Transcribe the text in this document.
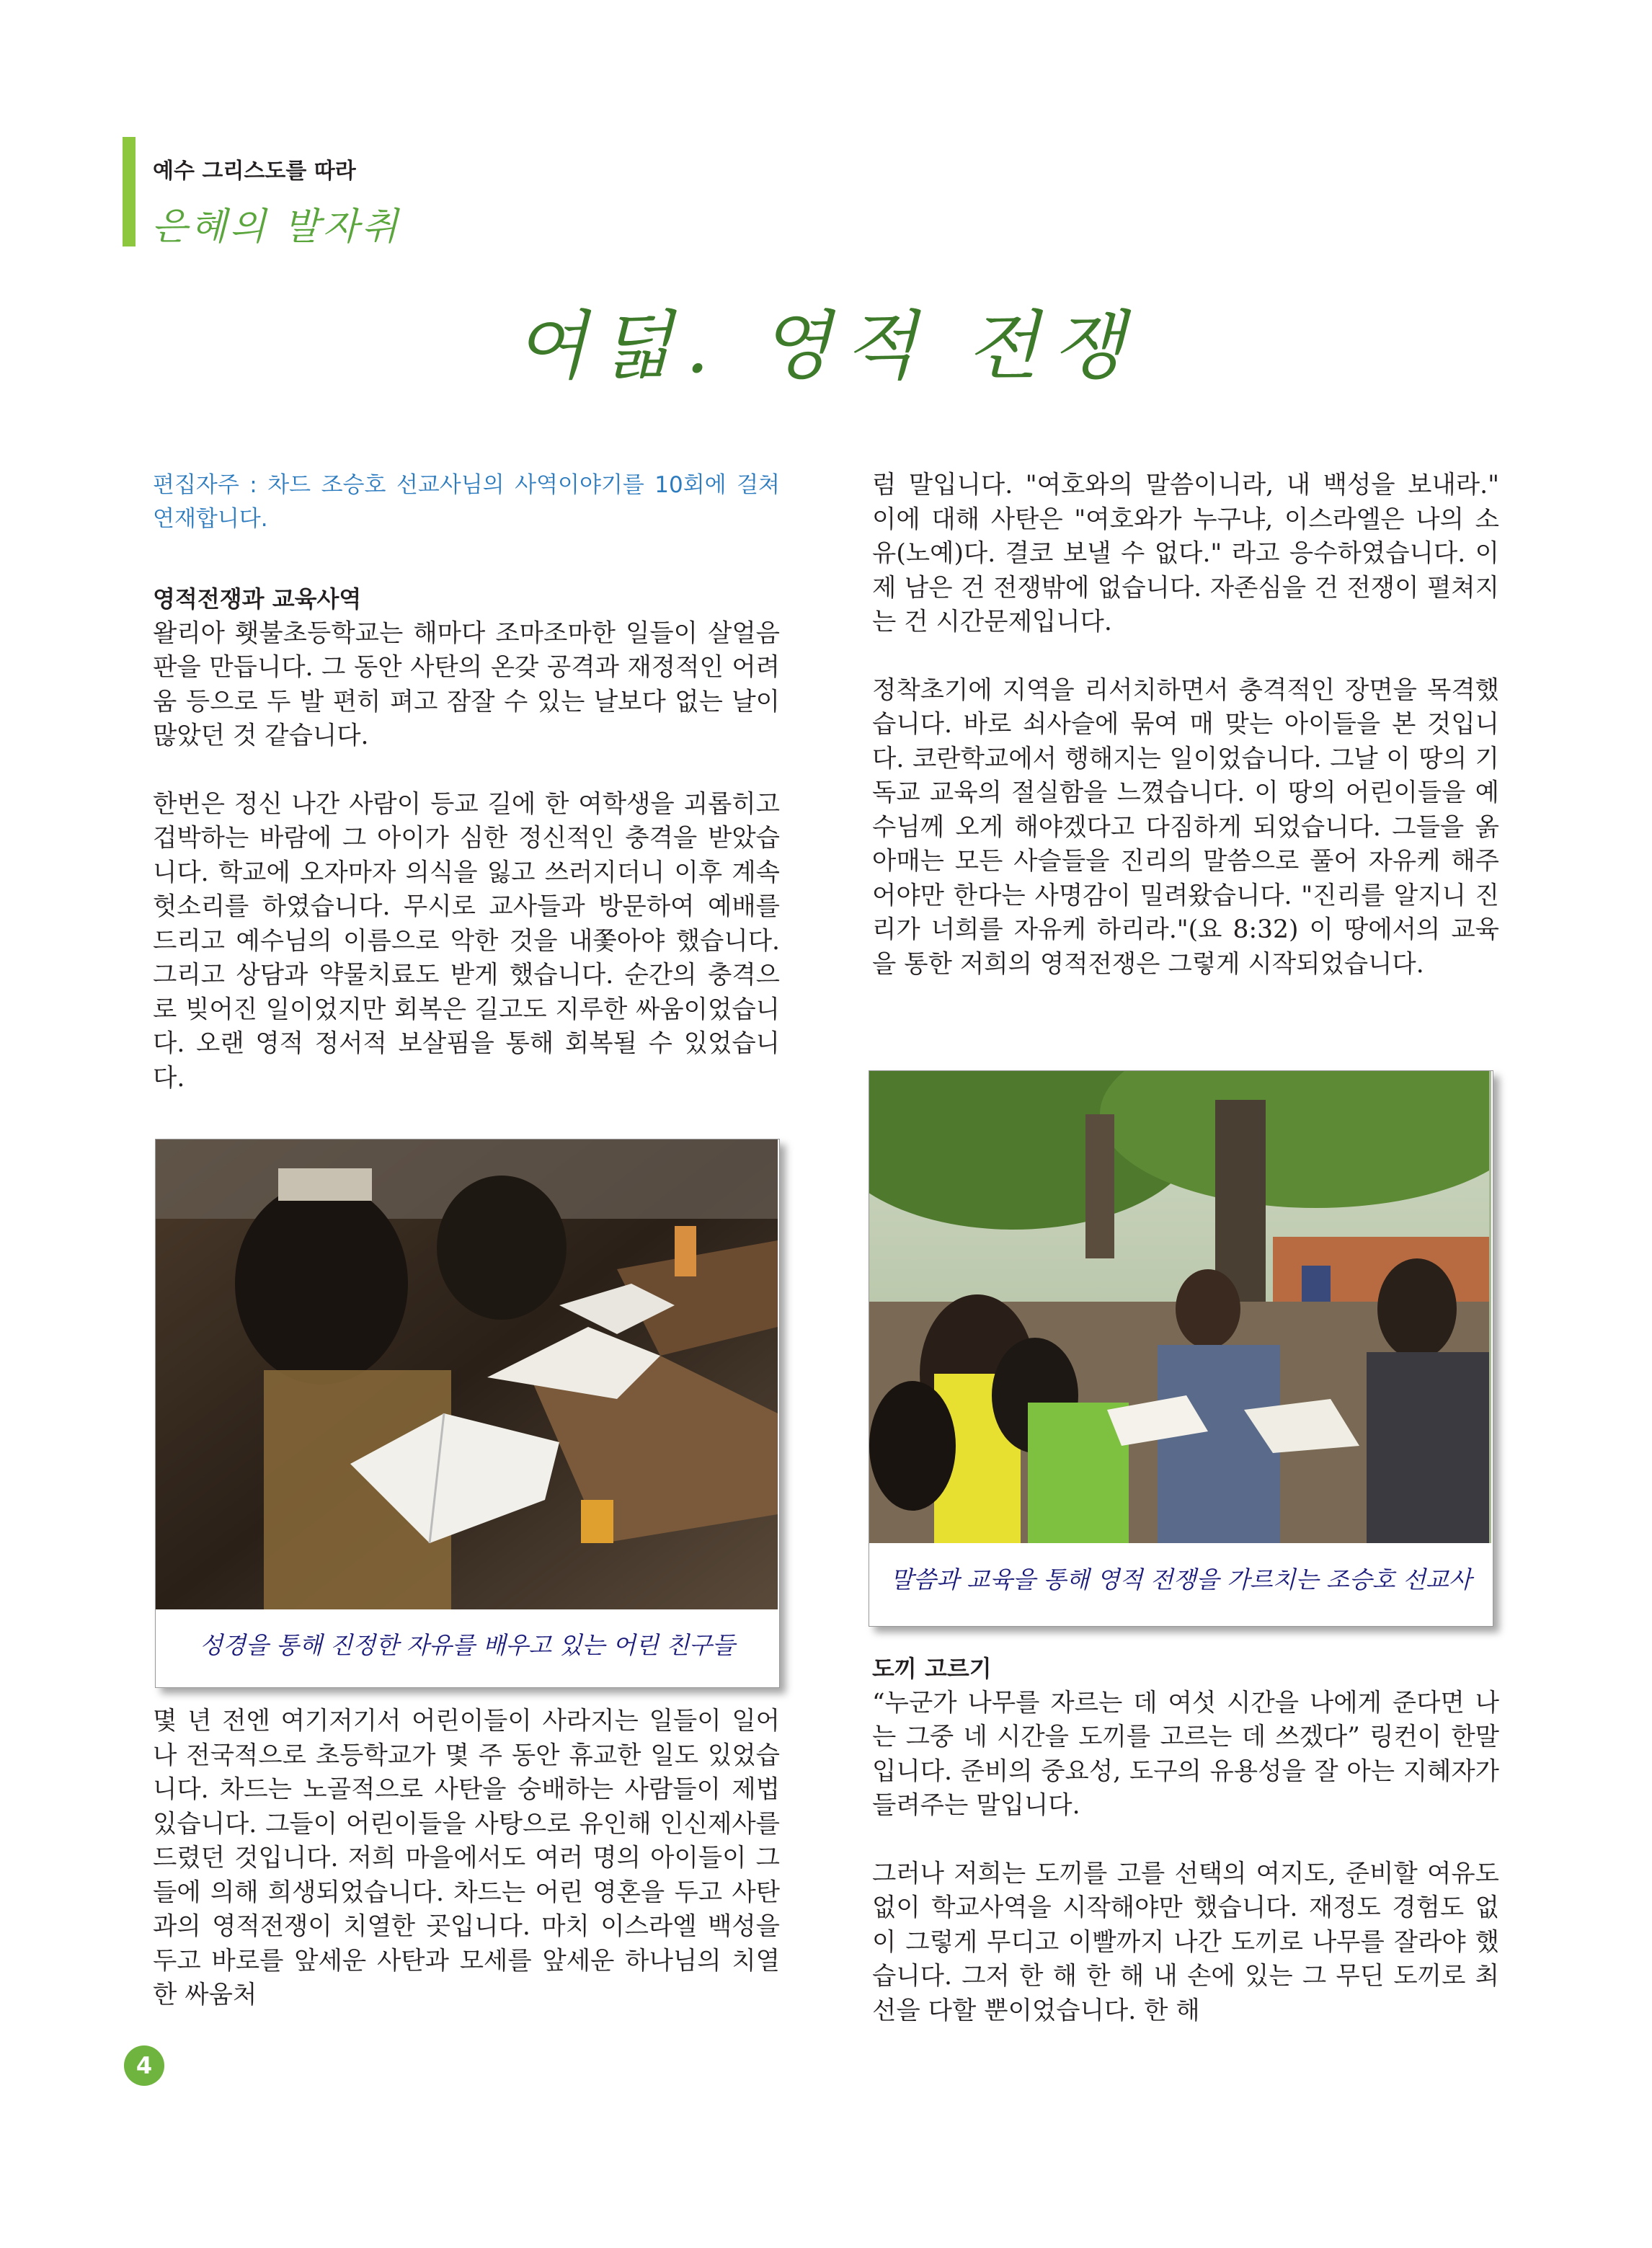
예수 그리스도를 따라
은혜의 발자취
여덟. 영적 전쟁

편집자주 : 차드 조승호 선교사님의 사역이야기를 10회에 걸쳐 연재합니다.

영적전쟁과 교육사역

왈리아 횃불초등학교는 해마다 조마조마한 일들이 살얼음판을 만듭니다. 그 동안 사탄의 온갖 공격과 재정적인 어려움 등으로 두 발 편히 펴고 잠잘 수 있는 날보다 없는 날이 많았던 것 같습니다.

한번은 정신 나간 사람이 등교 길에 한 여학생을 괴롭히고 겁박하는 바람에 그 아이가 심한 정신적인 충격을 받았습니다. 학교에 오자마자 의식을 잃고 쓰러지더니 이후 계속 헛소리를 하였습니다. 무시로 교사들과 방문하여 예배를 드리고 예수님의 이름으로 악한 것을 내쫓아야 했습니다. 그리고 상담과 약물치료도 받게 했습니다. 순간의 충격으로 빚어진 일이었지만 회복은 길고도 지루한 싸움이었습니다. 오랜 영적 정서적 보살핌을 통해 회복될 수 있었습니다.

성경을 통해 진정한 자유를 배우고 있는 어린 친구들

몇 년 전엔 여기저기서 어린이들이 사라지는 일들이 일어나 전국적으로 초등학교가 몇 주 동안 휴교한 일도 있었습니다. 차드는 노골적으로 사탄을 숭배하는 사람들이 제법 있습니다. 그들이 어린이들을 사탕으로 유인해 인신제사를 드렸던 것입니다. 저희 마을에서도 여러 명의 아이들이 그들에 의해 희생되었습니다. 차드는 어린 영혼을 두고 사탄과의 영적전쟁이 치열한 곳입니다. 마치 이스라엘 백성을 두고 바로를 앞세운 사탄과 모세를 앞세운 하나님의 치열한 싸움처

럼 말입니다. "여호와의 말씀이니라, 내 백성을 보내라." 이에 대해 사탄은 "여호와가 누구냐, 이스라엘은 나의 소유(노예)다. 결코 보낼 수 없다." 라고 응수하였습니다. 이제 남은 건 전쟁밖에 없습니다. 자존심을 건 전쟁이 펼쳐지는 건 시간문제입니다.

정착초기에 지역을 리서치하면서 충격적인 장면을 목격했습니다. 바로 쇠사슬에 묶여 매 맞는 아이들을 본 것입니다. 코란학교에서 행해지는 일이었습니다. 그날 이 땅의 기독교 교육의 절실함을 느꼈습니다. 이 땅의 어린이들을 예수님께 오게 해야겠다고 다짐하게 되었습니다. 그들을 옭아매는 모든 사슬들을 진리의 말씀으로 풀어 자유케 해주어야만 한다는 사명감이 밀려왔습니다. "진리를 알지니 진리가 너희를 자유케 하리라."(요 8:32) 이 땅에서의 교육을 통한 저희의 영적전쟁은 그렇게 시작되었습니다.

말씀과 교육을 통해 영적 전쟁을 가르치는 조승호 선교사

도끼 고르기

“누군가 나무를 자르는 데 여섯 시간을 나에게 준다면 나는 그중 네 시간을 도끼를 고르는 데 쓰겠다” 링컨이 한말입니다. 준비의 중요성, 도구의 유용성을 잘 아는 지혜자가 들려주는 말입니다.

그러나 저희는 도끼를 고를 선택의 여지도, 준비할 여유도 없이 학교사역을 시작해야만 했습니다. 재정도 경험도 없이 그렇게 무디고 이빨까지 나간 도끼로 나무를 잘라야 했습니다. 그저 한 해 한 해 내 손에 있는 그 무딘 도끼로 최선을 다할 뿐이었습니다. 한 해

4
